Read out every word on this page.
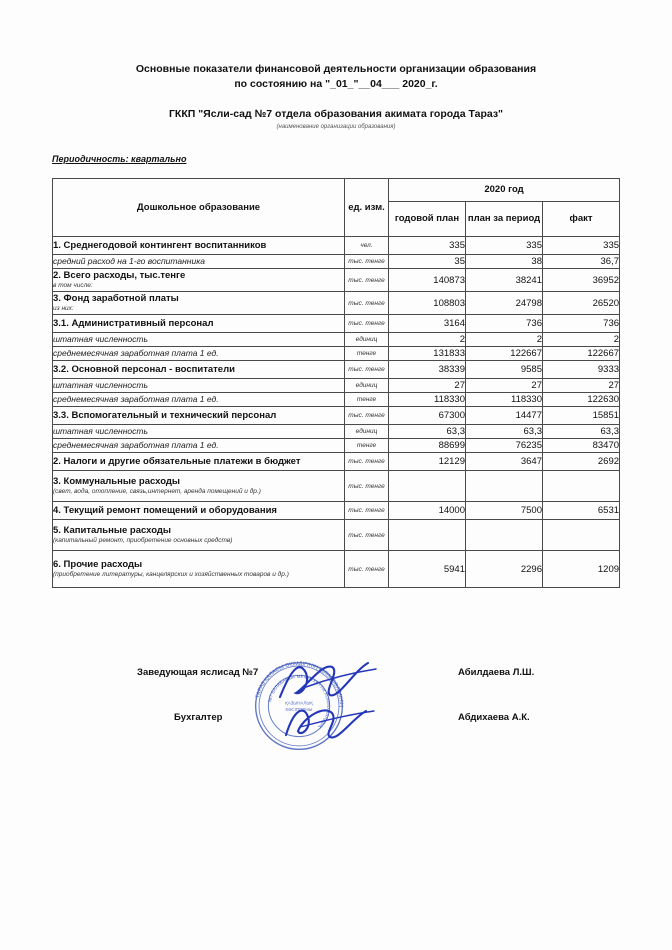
Основные показатели финансовой деятельности организации образования
по состоянию на "_01_"__04___ 2020_г.
ГККП "Ясли-сад №7 отдела образования акимата города Тараз"
(наименование организации образования)
Периодичность: квартально
Дошкольное образование	ед. изм.	2020 год		
		годовой план	план за период	факт
1. Среднегодовой контингент воспитанников	чел.	335	335	335
средний расход на 1-го воспитанника	тыс. тенге	35	38	36,7
2. Всего расходы, тыс.тенге
в том числе:	тыс. тенге	140873	38241	36952
3. Фонд заработной платы
из них:	тыс. тенге	108803	24798	26520
3.1. Административный персонал	тыс. тенге	3164	736	736
штатная численность	единиц	2	2	2
среднемесячная заработная плата 1 ед.	тенге	131833	122667	122667
3.2. Основной персонал - воспитатели	тыс. тенге	38339	9585	9333
штатная численность	единиц	27	27	27
среднемесячная заработная плата 1 ед.	тенге	118330	118330	122630
3.3. Вспомогательный и технический персонал	тыс. тенге	67300	14477	15851
штатная численность	единиц	63,3	63,3	63,3
среднемесячная заработная плата 1 ед.	тенге	88699	76235	83470
2. Налоги и другие обязательные платежи в бюджет	тыс. тенге	12129	3647	2692
3. Коммунальные расходы
(свет, вода, отопление, связь,интернет, аренда помещений и др.)	тыс. тенге			
4. Текущий ремонт помещений и оборудования	тыс. тенге	14000	7500	6531
5. Капитальные расходы
(капитальный ремонт, приобретение основных средств)	тыс. тенге			
6. Прочие расходы
(приобретение литературы, канцелярских и хозяйственных товаров и др.)	тыс. тенге	5941	2296	1209
Заведующая яслисад №7	Абилдаева Л.Ш.
Бухгалтер	Абдихаева А.К.
ТАРАЗ ҚАЛАСЫ ӘКІМДІГІНІҢ БІЛІМ БӨЛІМІНІҢ
№7 БАЛАБАҚША МЕМЛЕКЕТТІК КОММУНАЛДЫҚ
ҚАЗЫНАЛЫҚ
КӘСІПОРНЫ
